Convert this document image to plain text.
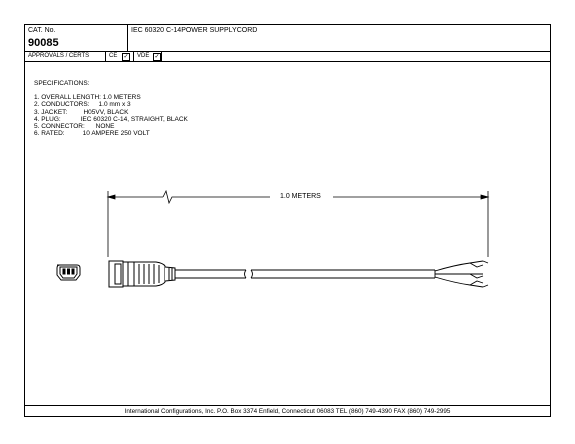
CAT. No.
90085
IEC 60320 C-14POWER SUPPLYCORD
APPROVALS / CERTS	CE ✓ VDE ✓
SPECIFICATIONS:
1. OVERALL LENGTH: 1.0 METERS
2. CONDUCTORS:     1.0 mm x 3
3. JACKET:         H05VV, BLACK
4. PLUG:           IEC 60320 C-14, STRAIGHT, BLACK
5. CONNECTOR:      NONE
6. RATED:          10 AMPERE 250 VOLT
1.0 METERS
International Configurations, Inc. P.O. Box 3374 Enfield, Connecticut 06083 TEL (860) 749-4390 FAX (860) 749-2995
